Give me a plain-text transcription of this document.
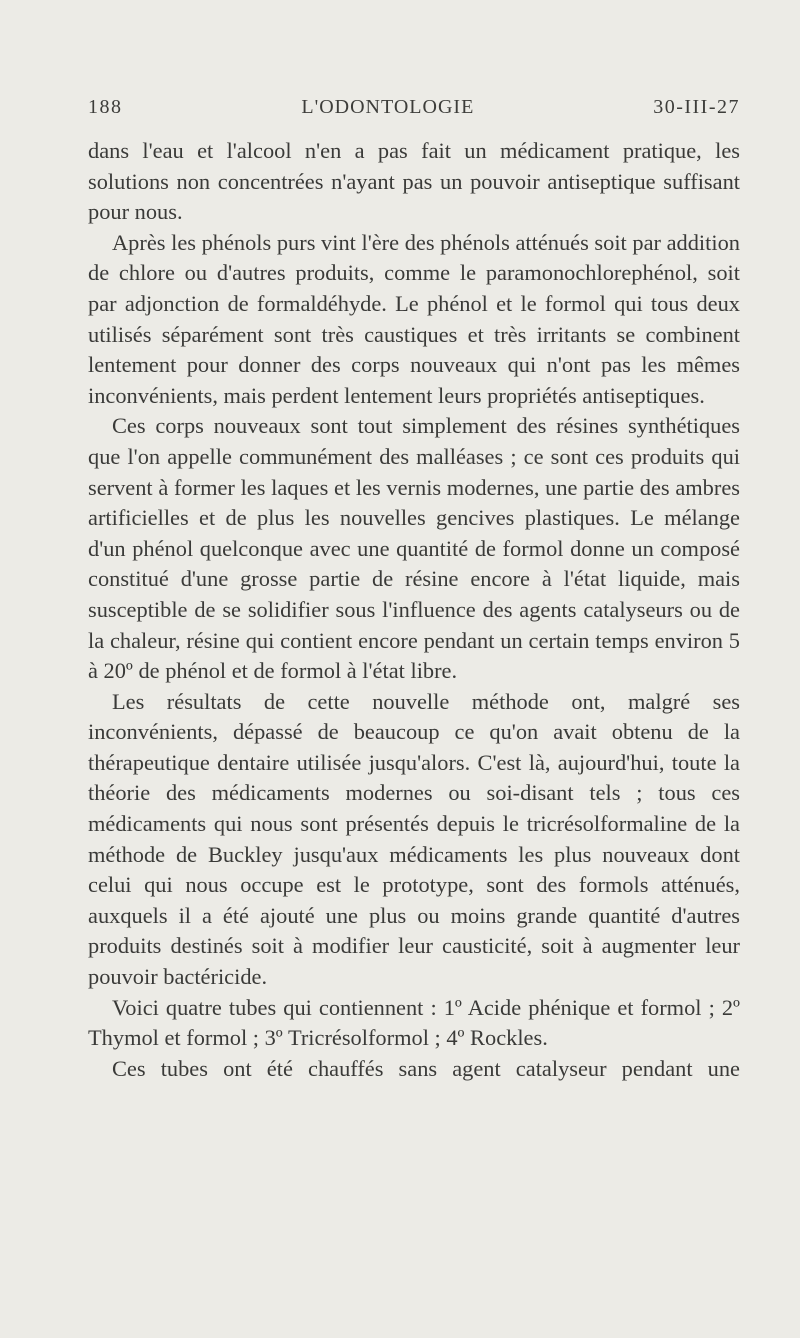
188	L'ODONTOLOGIE	30-III-27

dans l'eau et l'alcool n'en a pas fait un médicament pratique, les solutions non concentrées n'ayant pas un pouvoir antiseptique suffisant pour nous.

Après les phénols purs vint l'ère des phénols atténués soit par addition de chlore ou d'autres produits, comme le paramonochlorephénol, soit par adjonction de formaldéhyde. Le phénol et le formol qui tous deux utilisés séparément sont très caustiques et très irritants se combinent lentement pour donner des corps nouveaux qui n'ont pas les mêmes inconvénients, mais perdent lentement leurs propriétés antiseptiques.

Ces corps nouveaux sont tout simplement des résines synthétiques que l'on appelle communément des malléases ; ce sont ces produits qui servent à former les laques et les vernis modernes, une partie des ambres artificielles et de plus les nouvelles gencives plastiques. Le mélange d'un phénol quelconque avec une quantité de formol donne un composé constitué d'une grosse partie de résine encore à l'état liquide, mais susceptible de se solidifier sous l'influence des agents catalyseurs ou de la chaleur, résine qui contient encore pendant un certain temps environ 5 à 20º de phénol et de formol à l'état libre.

Les résultats de cette nouvelle méthode ont, malgré ses inconvénients, dépassé de beaucoup ce qu'on avait obtenu de la thérapeutique dentaire utilisée jusqu'alors. C'est là, aujourd'hui, toute la théorie des médicaments modernes ou soi-disant tels ; tous ces médicaments qui nous sont présentés depuis le tricrésolformaline de la méthode de Buckley jusqu'aux médicaments les plus nouveaux dont celui qui nous occupe est le prototype, sont des formols atténués, auxquels il a été ajouté une plus ou moins grande quantité d'autres produits destinés soit à modifier leur causticité, soit à augmenter leur pouvoir bactéricide.

Voici quatre tubes qui contiennent : 1º Acide phénique et formol ; 2º Thymol et formol ; 3º Tricrésolformol ; 4º Rockles.

Ces tubes ont été chauffés sans agent catalyseur pendant une
